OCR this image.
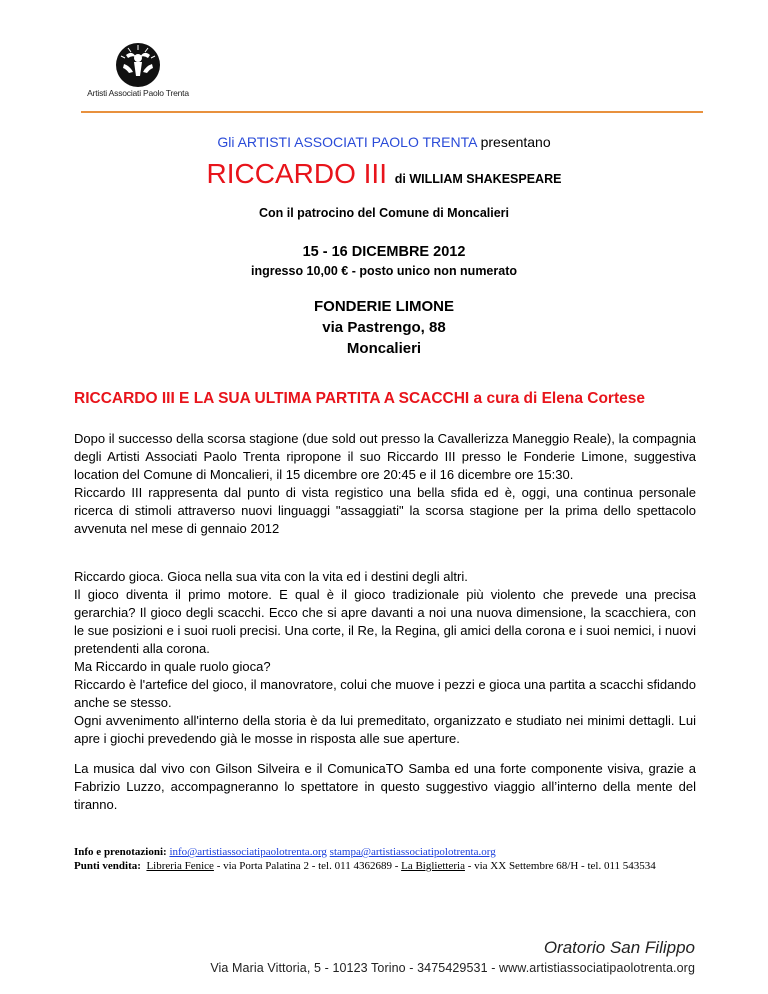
Artisti Associati Paolo Trenta
Gli ARTISTI ASSOCIATI PAOLO TRENTA presentano
RICCARDO III di WILLIAM SHAKESPEARE
Con il patrocino del Comune di Moncalieri
15 - 16 DICEMBRE 2012
ingresso 10,00 € - posto unico non numerato
FONDERIE LIMONE
via Pastrengo, 88
Moncalieri
RICCARDO III E LA SUA ULTIMA PARTITA A SCACCHI a cura di Elena Cortese

Dopo il successo della scorsa stagione (due sold out presso la Cavallerizza Maneggio Reale), la compagnia degli Artisti Associati Paolo Trenta ripropone il suo Riccardo III presso le Fonderie Limone, suggestiva location del Comune di Moncalieri, il 15 dicembre ore 20:45 e il 16 dicembre ore 15:30.

Riccardo III rappresenta dal punto di vista registico una bella sfida ed è, oggi, una continua personale ricerca di stimoli attraverso nuovi linguaggi "assaggiati" la scorsa stagione per la prima dello spettacolo avvenuta nel mese di gennaio 2012

Riccardo gioca. Gioca nella sua vita con la vita ed i destini degli altri.

Il gioco diventa il primo motore. E qual è il gioco tradizionale più violento che prevede una precisa gerarchia? Il gioco degli scacchi. Ecco che si apre davanti a noi una nuova dimensione, la scacchiera, con le sue posizioni e i suoi ruoli precisi. Una corte, il Re, la Regina, gli amici della corona e i suoi nemici, i nuovi pretendenti alla corona.

Ma Riccardo in quale ruolo gioca?

Riccardo è l'artefice del gioco, il manovratore, colui che muove i pezzi e gioca una partita a scacchi sfidando anche se stesso.

Ogni avvenimento all'interno della storia è da lui premeditato, organizzato e studiato nei minimi dettagli. Lui apre i giochi prevedendo già le mosse in risposta alle sue aperture.

La musica dal vivo con Gilson Silveira e il ComunicaTO Samba ed una forte componente visiva, grazie a Fabrizio Luzzo, accompagneranno lo spettatore in questo suggestivo viaggio all’interno della mente del tiranno.

Info e prenotazioni: info@artistiassociatipaolotrenta.org stampa@artistiassociatipolotrenta.org
Punti vendita: Libreria Fenice - via Porta Palatina 2 - tel. 011 4362689 - La Biglietteria - via XX Settembre 68/H - tel. 011 543534
Oratorio San Filippo
Via Maria Vittoria, 5 - 10123 Torino - 3475429531 - www.artistiassociatipaolotrenta.org
